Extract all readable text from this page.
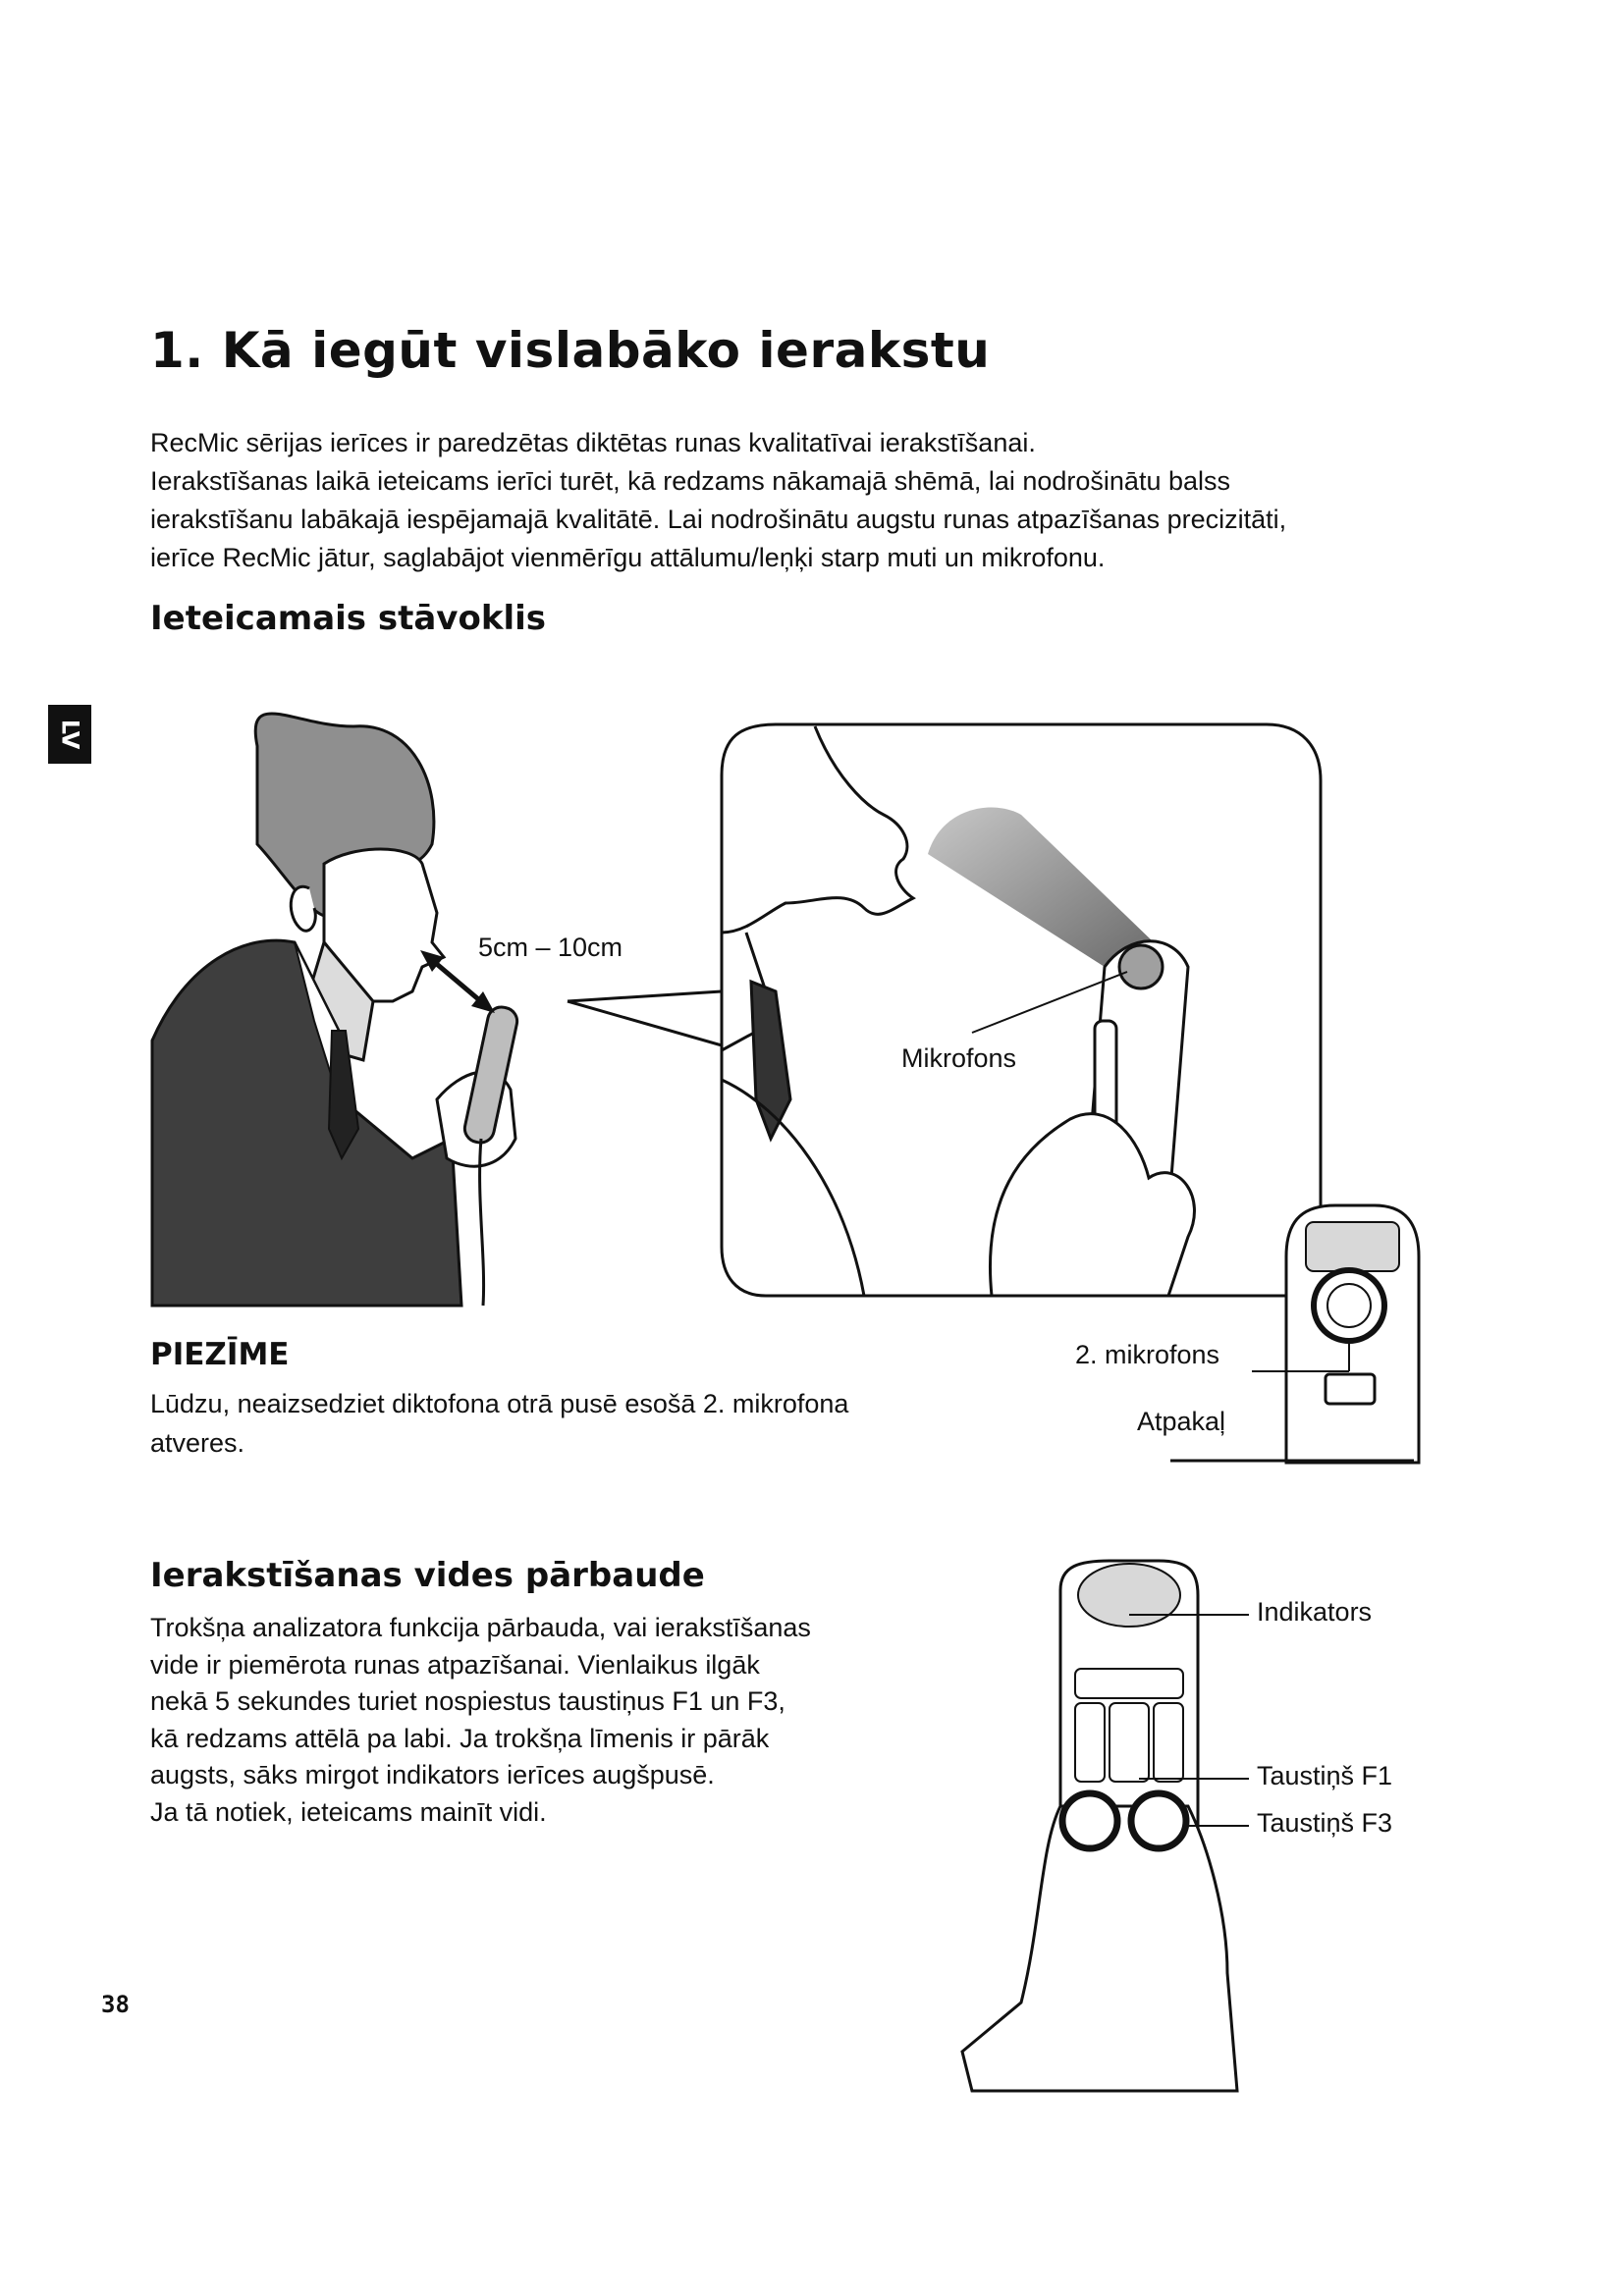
LV
1. Kā iegūt vislabāko ierakstu
RecMic sērijas ierīces ir paredzētas diktētas runas kvalitatīvai ierakstīšanai.
Ierakstīšanas laikā ieteicams ierīci turēt, kā redzams nākamajā shēmā, lai nodrošinātu balss
ierakstīšanu labākajā iespējamajā kvalitātē. Lai nodrošinātu augstu runas atpazīšanas precizitāti,
ierīce RecMic jātur, saglabājot vienmērīgu attālumu/leņķi starp muti un mikrofonu.
Ieteicamais stāvoklis
5cm – 10cm
Mikrofons
2. mikrofons
Atpakaļ
PIEZĪME
Lūdzu, neaizsedziet diktofona otrā pusē esošā 2. mikrofona
atveres.
Ierakstīšanas vides pārbaude
Trokšņa analizatora funkcija pārbauda, vai ierakstīšanas
vide ir piemērota runas atpazīšanai. Vienlaikus ilgāk
nekā 5 sekundes turiet nospiestus taustiņus F1 un F3,
kā redzams attēlā pa labi. Ja trokšņa līmenis ir pārāk
augsts, sāks mirgot indikators ierīces augšpusē.
Ja tā notiek, ieteicams mainīt vidi.
Indikators
Taustiņš F1
Taustiņš F3
38
